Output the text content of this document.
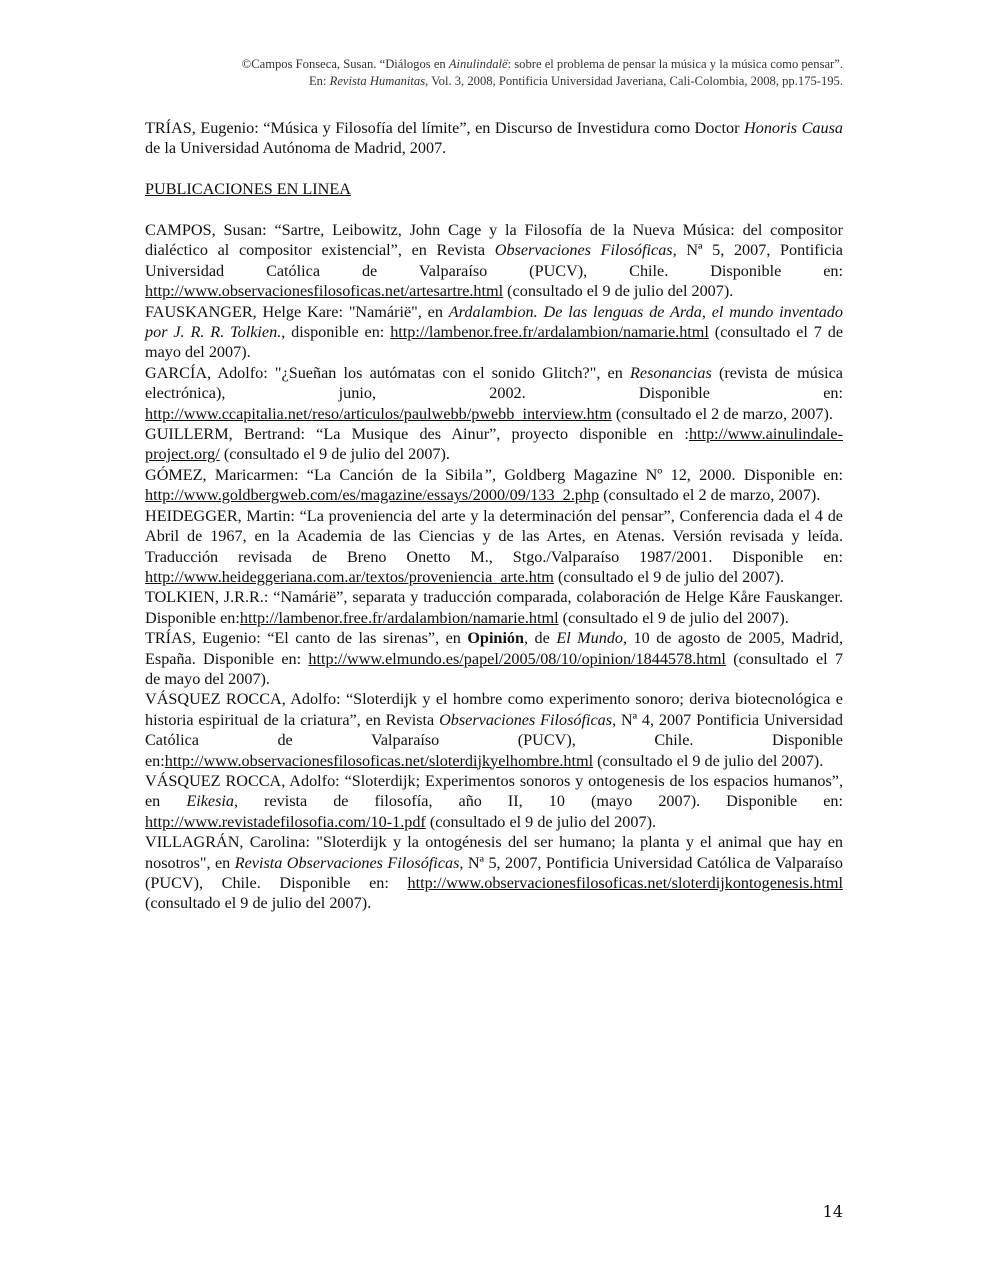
©Campos Fonseca, Susan. “Diálogos en Ainulindalë: sobre el problema de pensar la música y la música como pensar”.
En: Revista Humanitas, Vol. 3, 2008, Pontificia Universidad Javeriana, Cali-Colombia, 2008, pp.175-195.

TRÍAS, Eugenio: “Música y Filosofía del límite”, en Discurso de Investidura como Doctor Honoris Causa de la Universidad Autónoma de Madrid, 2007.

PUBLICACIONES EN LINEA

CAMPOS, Susan: “Sartre, Leibowitz, John Cage y la Filosofía de la Nueva Música: del compositor dialéctico al compositor existencial”, en Revista Observaciones Filosóficas, Nª 5, 2007, Pontificia Universidad Católica de Valparaíso (PUCV), Chile. Disponible en: http://www.observacionesfilosoficas.net/artesartre.html (consultado el 9 de julio del 2007).

FAUSKANGER, Helge Kare: "Namárië", en Ardalambion. De las lenguas de Arda, el mundo inventado por J. R. R. Tolkien., disponible en: http://lambenor.free.fr/ardalambion/namarie.html (consultado el 7 de mayo del 2007).

GARCÍA, Adolfo: "¿Sueñan los autómatas con el sonido Glitch?", en Resonancias (revista de música electrónica), junio, 2002. Disponible en: http://www.ccapitalia.net/reso/articulos/paulwebb/pwebb_interview.htm (consultado el 2 de marzo, 2007).

GUILLERM, Bertrand: “La Musique des Ainur”, proyecto disponible en :http://www.ainulindale-project.org/ (consultado el 9 de julio del 2007).

GÓMEZ, Maricarmen: “La Canción de la Sibila”, Goldberg Magazine Nº 12, 2000. Disponible en: http://www.goldbergweb.com/es/magazine/essays/2000/09/133_2.php (consultado el 2 de marzo, 2007).

HEIDEGGER, Martin: “La proveniencia del arte y la determinación del pensar”, Conferencia dada el 4 de Abril de 1967, en la Academia de las Ciencias y de las Artes, en Atenas. Versión revisada y leída. Traducción revisada de Breno Onetto M., Stgo./Valparaíso 1987/2001. Disponible en: http://www.heideggeriana.com.ar/textos/proveniencia_arte.htm (consultado el 9 de julio del 2007).

TOLKIEN, J.R.R.: “Namárië”, separata y traducción comparada, colaboración de Helge Kåre Fauskanger. Disponible en:http://lambenor.free.fr/ardalambion/namarie.html (consultado el 9 de julio del 2007).

TRÍAS, Eugenio: “El canto de las sirenas”, en Opinión, de El Mundo, 10 de agosto de 2005, Madrid, España. Disponible en: http://www.elmundo.es/papel/2005/08/10/opinion/1844578.html (consultado el 7 de mayo del 2007).

VÁSQUEZ ROCCA, Adolfo: “Sloterdijk y el hombre como experimento sonoro; deriva biotecnológica e historia espiritual de la criatura”, en Revista Observaciones Filosóficas, Nª 4, 2007 Pontificia Universidad Católica de Valparaíso (PUCV), Chile. Disponible en:http://www.observacionesfilosoficas.net/sloterdijkyelhombre.html (consultado el 9 de julio del 2007).

VÁSQUEZ ROCCA, Adolfo: “Sloterdijk; Experimentos sonoros y ontogenesis de los espacios humanos”, en Eikesia, revista de filosofía, año II, 10 (mayo 2007). Disponible en: http://www.revistadefilosofia.com/10-1.pdf (consultado el 9 de julio del 2007).

VILLAGRÁN, Carolina: "Sloterdijk y la ontogénesis del ser humano; la planta y el animal que hay en nosotros", en Revista Observaciones Filosóficas, Nª 5, 2007, Pontificia Universidad Católica de Valparaíso (PUCV), Chile. Disponible en: http://www.observacionesfilosoficas.net/sloterdijkontogenesis.html (consultado el 9 de julio del 2007).

14
